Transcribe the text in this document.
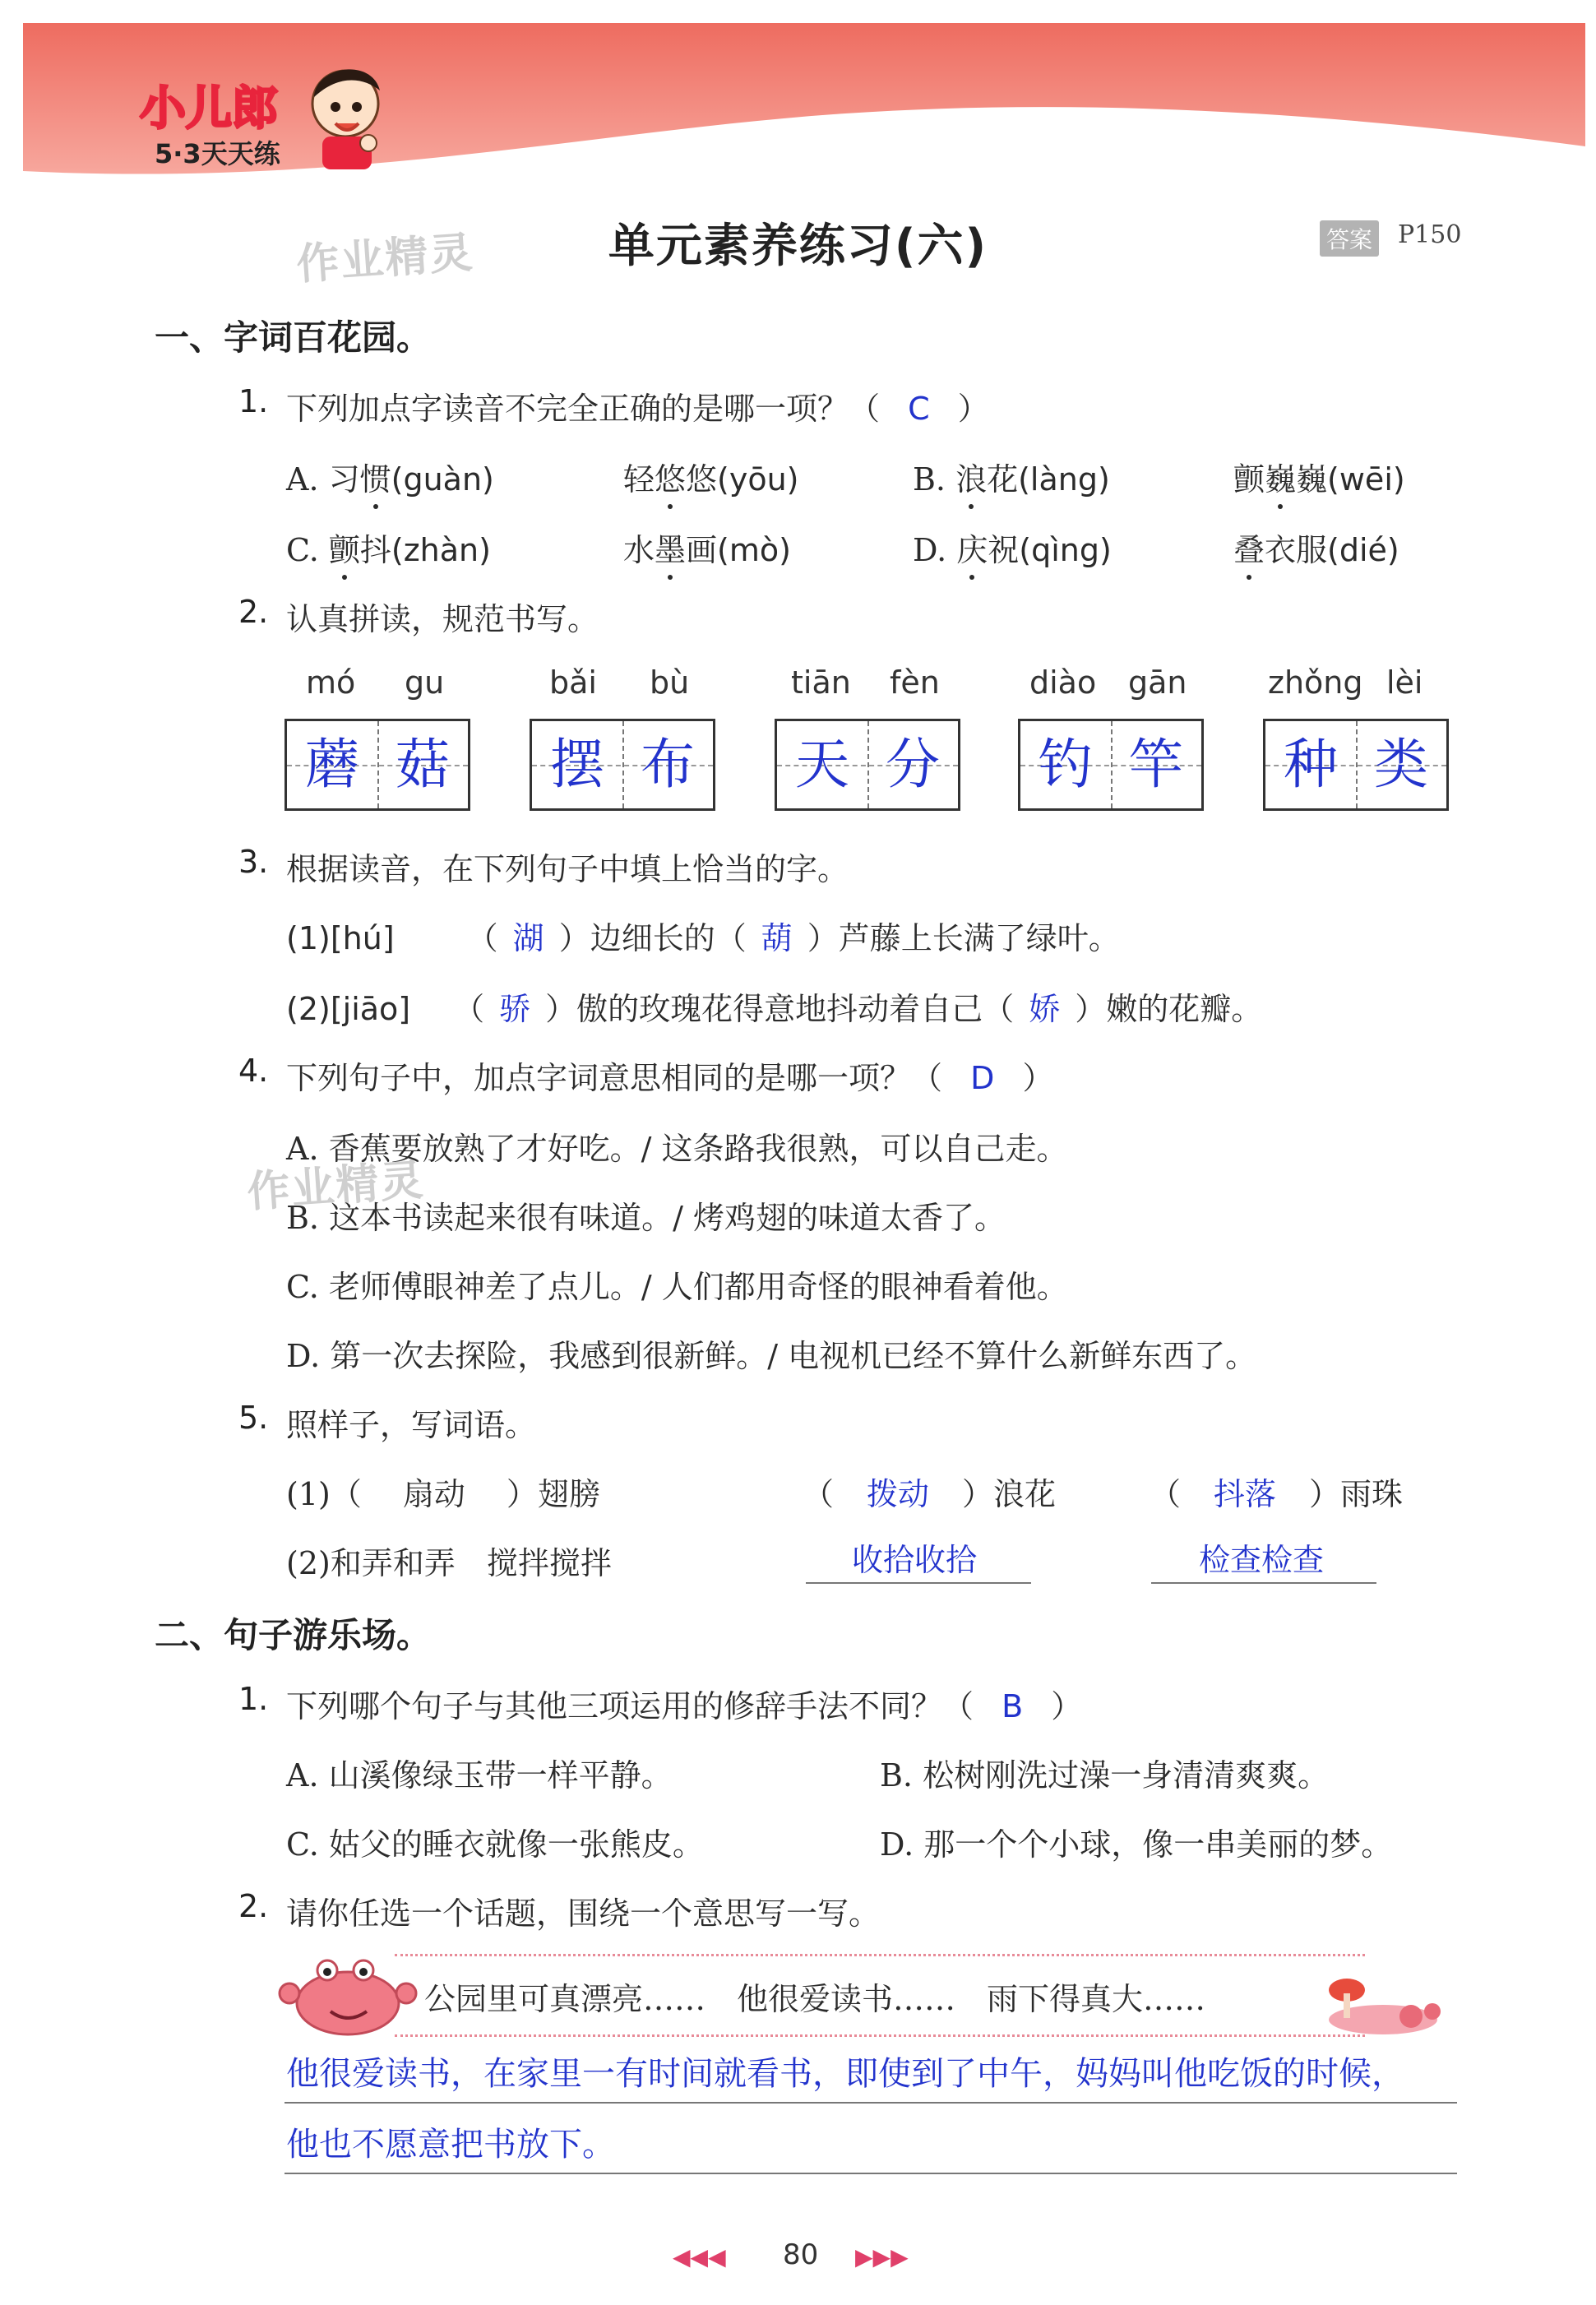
小儿郎
5·3天天练
作业精灵	单元素养练习(六)	答案 P150
一、字词百花园。
1. 下列加点字读音不完全正确的是哪一项？（ C ）
A. 习惯(guàn)	轻悠悠(yōu)	B. 浪花(làng)	颤巍巍(wēi)
C. 颤抖(zhàn)	水墨画(mò)	D. 庆祝(qìng)	叠衣服(dié)
2. 认真拼读，规范书写。
mó gu
蘑 菇
bǎi bù
摆 布
tiān fèn
天 分
diào gān
钓 竿
zhǒng lèi
种 类
3. 根据读音，在下列句子中填上恰当的字。
(1)[hú] （ 湖 ）边细长的（ 葫 ）芦藤上长满了绿叶。
(2)[jiāo] （ 骄 ）傲的玫瑰花得意地抖动着自己（ 娇 ）嫩的花瓣。
4. 下列句子中，加点字词意思相同的是哪一项？（ D ）
A. 香蕉要放熟了才好吃。/ 这条路我很熟，可以自己走。
作业精灵
B. 这本书读起来很有味道。/ 烤鸡翅的味道太香了。
C. 老师傅眼神差了点儿。/ 人们都用奇怪的眼神看着他。
D. 第一次去探险，我感到很新鲜。/ 电视机已经不算什么新鲜东西了。
5. 照样子，写词语。
(1)（ 扇动 ）翅膀	（ 拨动 ）浪花	（ 抖落 ）雨珠
(2)和弄和弄　搅拌搅拌	收拾收拾	检查检查
二、句子游乐场。
1. 下列哪个句子与其他三项运用的修辞手法不同？（ B ）
A. 山溪像绿玉带一样平静。	B. 松树刚洗过澡一身清清爽爽。
C. 姑父的睡衣就像一张熊皮。	D. 那一个个小球，像一串美丽的梦。
2. 请你任选一个话题，围绕一个意思写一写。
公园里可真漂亮……　他很爱读书……　雨下得真大……
他很爱读书，在家里一有时间就看书，即使到了中午，妈妈叫他吃饭的时候，
他也不愿意把书放下。
◀◀◀ 80 ▶▶▶
